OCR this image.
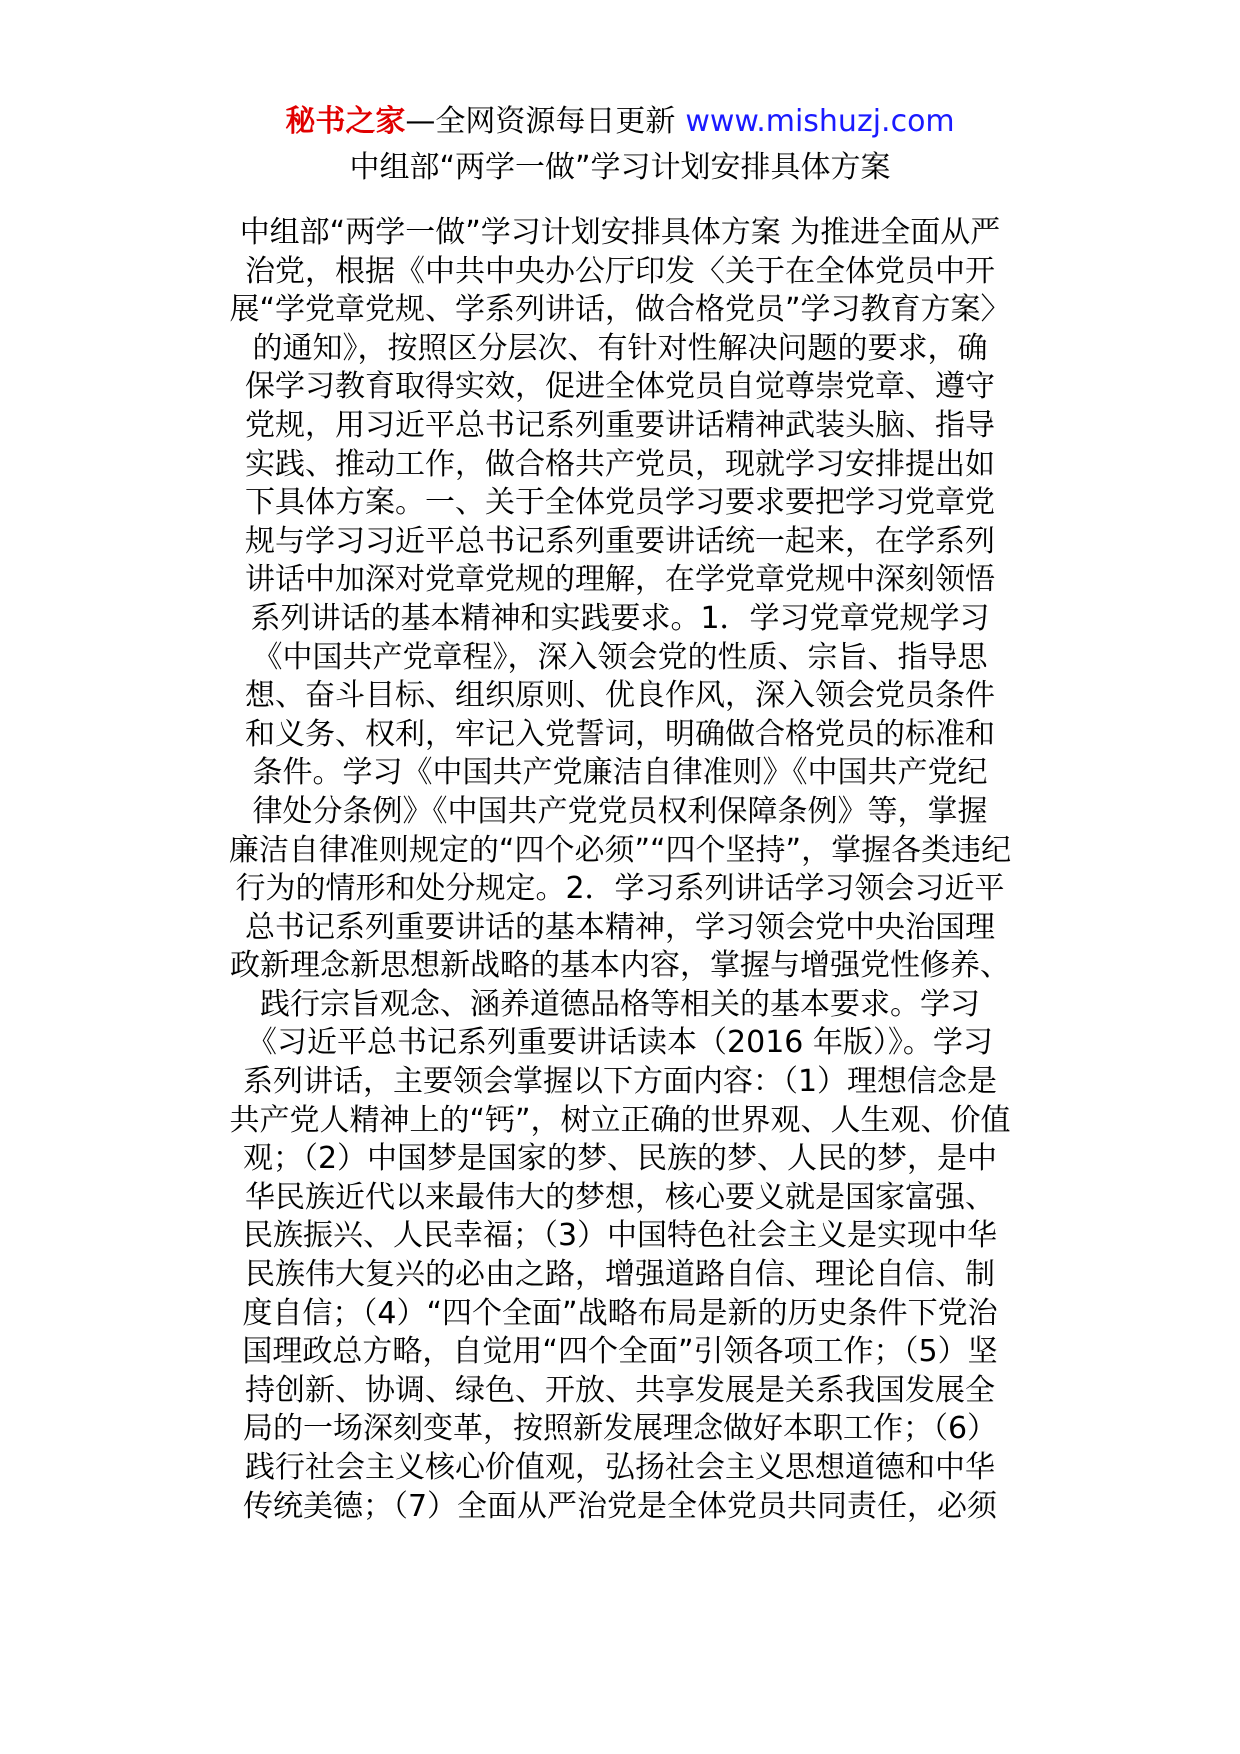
秘书之家—全网资源每日更新 www.mishuzj.com
中组部“两学一做”学习计划安排具体方案
中组部“两学一做”学习计划安排具体方案 为推进全面从严
治党，根据《中共中央办公厅印发〈关于在全体党员中开
展“学党章党规、学系列讲话，做合格党员”学习教育方案〉
的通知》，按照区分层次、有针对性解决问题的要求，确
保学习教育取得实效，促进全体党员自觉尊崇党章、遵守
党规，用习近平总书记系列重要讲话精神武装头脑、指导
实践、推动工作，做合格共产党员，现就学习安排提出如
下具体方案。一、关于全体党员学习要求要把学习党章党
规与学习习近平总书记系列重要讲话统一起来，在学系列
讲话中加深对党章党规的理解，在学党章党规中深刻领悟
系列讲话的基本精神和实践要求。1．学习党章党规学习
《中国共产党章程》，深入领会党的性质、宗旨、指导思
想、奋斗目标、组织原则、优良作风，深入领会党员条件
和义务、权利，牢记入党誓词，明确做合格党员的标准和
条件。学习《中国共产党廉洁自律准则》《中国共产党纪
律处分条例》《中国共产党党员权利保障条例》等，掌握
廉洁自律准则规定的“四个必须”“四个坚持”，掌握各类违纪
行为的情形和处分规定。2．学习系列讲话学习领会习近平
总书记系列重要讲话的基本精神，学习领会党中央治国理
政新理念新思想新战略的基本内容，掌握与增强党性修养、
践行宗旨观念、涵养道德品格等相关的基本要求。学习
《习近平总书记系列重要讲话读本（2016 年版）》。学习
系列讲话，主要领会掌握以下方面内容：（1）理想信念是
共产党人精神上的“钙”，树立正确的世界观、人生观、价值
观；（2）中国梦是国家的梦、民族的梦、人民的梦，是中
华民族近代以来最伟大的梦想，核心要义就是国家富强、
民族振兴、人民幸福；（3）中国特色社会主义是实现中华
民族伟大复兴的必由之路，增强道路自信、理论自信、制
度自信；（4）“四个全面”战略布局是新的历史条件下党治
国理政总方略，自觉用“四个全面”引领各项工作；（5）坚
持创新、协调、绿色、开放、共享发展是关系我国发展全
局的一场深刻变革，按照新发展理念做好本职工作；（6）
践行社会主义核心价值观，弘扬社会主义思想道德和中华
传统美德；（7）全面从严治党是全体党员共同责任，必须
